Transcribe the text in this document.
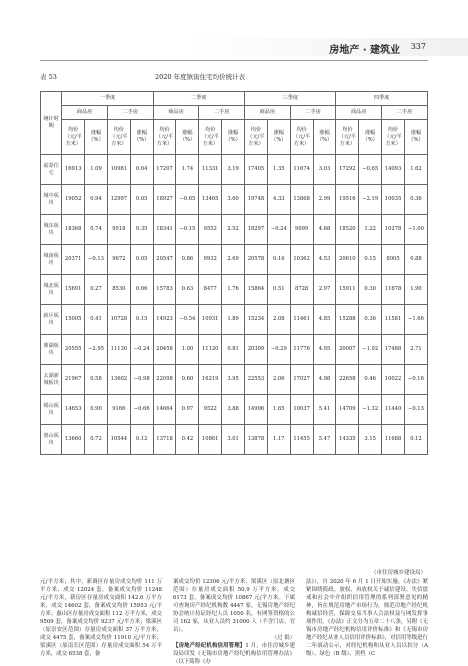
房地产 · 建筑业 337
表 53	2020 年度镇街住宅均价统计表
统计时期	一季度				二季度				三季度				四季度			
	商品房		二手房		商品房		二手房		商品房		二手房		商品房		二手房	
	均价（元/平方米）	涨幅（%）	均价（元/平方米）	涨幅（%）	均价（元/平方米）	涨幅（%）	均价（元/平方米）	涨幅（%）	均价（元/平方米）	涨幅（%）	均价（元/平方米）	涨幅（%）	均价（元/平方米）	涨幅（%）	均价（元/平方米）	涨幅（%）
福泰住宅	16913	1.09	10981	0.64	17207	1.74	11331	3.19	17405	1.35	11674	3.03	17292	−0.65	14093	1.62
城中板块	19052	0.94	12997	0.65	18927	−0.65	13465	3.60	19748	4.33	13868	2.99	19516	−2.19	10035	0.36
城东板块	18368	0.74	9518	0.35	18341	−0.15	9552	2.52	18297	−0.24	9999	4.68	18520	1.22	10278	−1.00
城南板块	20371	−0.13	9672	0.05	20547	0.86	9932	2.69	20578	0.16	10362	4.53	20610	0.15	8005	0.88
城北板块	15691	0.27	8530	0.66	15783	0.63	8477	1.76	15864	0.51	8728	2.97	15911	0.30	11678	1.90
新区板块	15005	0.41	10728	0.15	14923	−0.54	10931	1.89	15234	2.08	11461	4.85	15288	0.36	11581	−1.66
鼎湖板块	20555	−2.95	11130	−0.24	20458	1.00	11120	0.81	20399	−0.29	11776	4.95	20007	−1.92	17488	2.71
太湖新城板块	21967	0.58	13602	−0.98	22098	0.60	16219	3.95	22553	2.06	17027	4.98	22658	0.46	10022	−0.16
锡山板块	14653	0.90	9166	−0.66	14664	0.97	9522	3.88	14906	1.65	10037	5.41	14709	−1.32	11440	−0.13
惠山板块	13660	0.72	10544	0.12	13718	0.42	10861	3.01	13878	1.17	11455	5.47	14335	3.15	11688	0.12
（市住房城乡建设局）

元/平方米；其中，新调区存量房成交均价 111 万平方米，成交 12024 套，备案成交均价 11248 元/平方米，新房区存量房成交面积 142.6 万平方米，成交 14602 套，备案成交均价 15953 元/平方米；惠山区存量房成交面积 112 万平方米，成交 9509 套，备案成交均价 9237 元/平方米；梁溪区（原崇安区范围）存量房成交面积 37 万平方米，成交 4475 套，备案成交均价 11910 元/平方米；梁溪区（原南长区范围）存量房成交面积 54 万平方米，成交 6538 套，备

案成交均价 12306 元/平方米；梁溪区（原北塘区范围）存量房成交面积 50.9 万平方米，成交 6173 套，备案成交均价 10867 元/平方米。下属可查询房产经纪机构数 4447 家，无锡房地产经纪协会统计持证经纪人员 1050 名，有网签资格的公司 162 家，从业人员约 31000 人（不含门店、官员）。

（过 娟）

【房地产经纪机构信用管理】1 月，市住房城乡建设局印发《无锡市房地产经纪机构信用管理办法》（以下简称《办

法》），自 2020 年 6 月 1 日开始实施。《办法》紧紧围绕简政、放权、再放权关于诚信建设、失信惩戒和社会中介组织信用管理的系列部署意见的精神，旨在规范房地产市场行为，规范房地产经纪机构诚信经营，保障交易当事人合法权益与网发挥事项作用。《办法》正文分为五章二十八条，另附《无锡市房地产经纪机构信用评价标准》和《无锡市房地产经纪从业人员信用评价标准》，对信用等级进行二年滚动公示，对经纪机构和从业人员以扣分（A 级）、绿色（B 级）、黑档（C
